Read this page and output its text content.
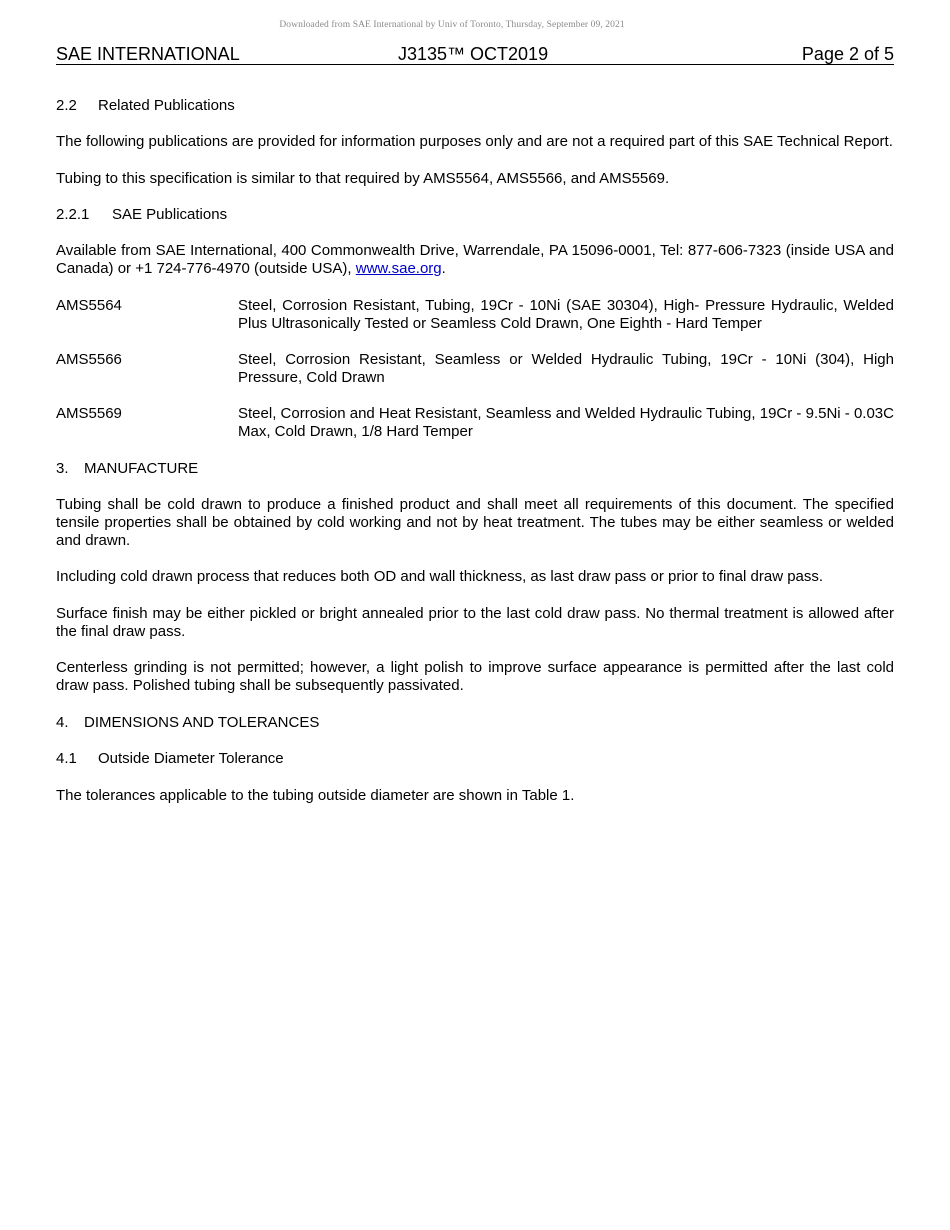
Downloaded from SAE International by Univ of Toronto, Thursday, September 09, 2021
SAE INTERNATIONAL	J3135™ OCT2019	Page 2 of 5
2.2 Related Publications
The following publications are provided for information purposes only and are not a required part of this SAE Technical Report.
Tubing to this specification is similar to that required by AMS5564, AMS5566, and AMS5569.
2.2.1 SAE Publications
Available from SAE International, 400 Commonwealth Drive, Warrendale, PA 15096-0001, Tel: 877-606-7323 (inside USA and Canada) or +1 724-776-4970 (outside USA), www.sae.org.
AMS5564	Steel, Corrosion Resistant, Tubing, 19Cr - 10Ni (SAE 30304), High- Pressure Hydraulic, Welded Plus Ultrasonically Tested or Seamless Cold Drawn, One Eighth - Hard Temper
AMS5566	Steel, Corrosion Resistant, Seamless or Welded Hydraulic Tubing, 19Cr - 10Ni (304), High Pressure, Cold Drawn
AMS5569	Steel, Corrosion and Heat Resistant, Seamless and Welded Hydraulic Tubing, 19Cr - 9.5Ni - 0.03C Max, Cold Drawn, 1/8 Hard Temper
3. MANUFACTURE
Tubing shall be cold drawn to produce a finished product and shall meet all requirements of this document. The specified tensile properties shall be obtained by cold working and not by heat treatment. The tubes may be either seamless or welded and drawn.
Including cold drawn process that reduces both OD and wall thickness, as last draw pass or prior to final draw pass.
Surface finish may be either pickled or bright annealed prior to the last cold draw pass. No thermal treatment is allowed after the final draw pass.
Centerless grinding is not permitted; however, a light polish to improve surface appearance is permitted after the last cold draw pass. Polished tubing shall be subsequently passivated.
4. DIMENSIONS AND TOLERANCES
4.1 Outside Diameter Tolerance
The tolerances applicable to the tubing outside diameter are shown in Table 1.
